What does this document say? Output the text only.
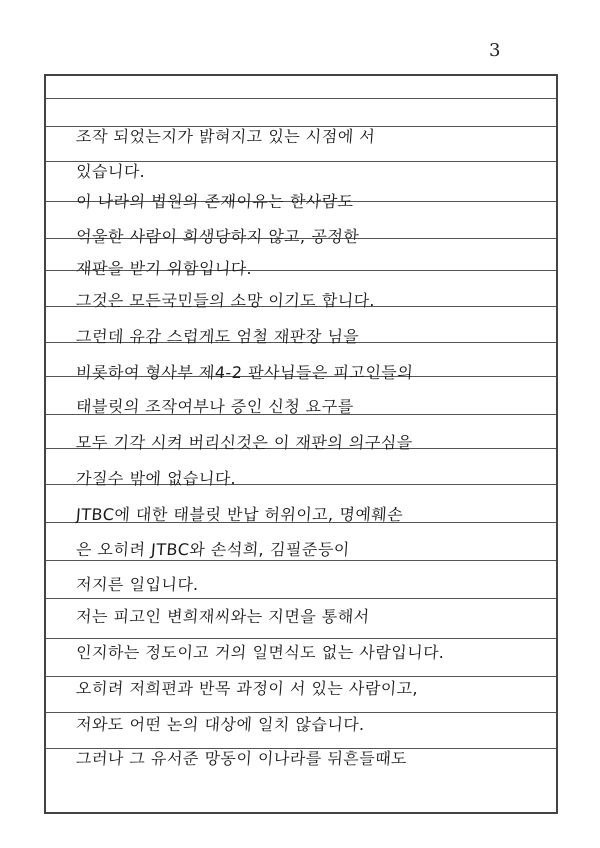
3
조작 되었는지가 밝혀지고 있는 시점에 서
있습니다.
이 나라의 법원의 존재이유는 한사람도
억울한 사람이 희생당하지 않고, 공정한
재판을 받기 위함입니다.
그것은 모든국민들의 소망 이기도 합니다.
그런데 유감 스럽게도 엄철 재판장 님을
비롯하여 형사부 제4-2 판사님들은 피고인들의
태블릿의 조작여부나 증인 신청 요구를
모두 기각 시켜 버리신것은 이 재판의 의구심을
가질수 밖에 없습니다.
JTBC에 대한 태블릿 반납 허위이고, 명예훼손
은 오히려 JTBC와 손석희, 김필준등이
저지른 일입니다.
저는 피고인 변희재씨와는 지면을 통해서
인지하는 정도이고 거의 일면식도 없는 사람입니다.
오히려 저희편과 반목 과정이 서 있는 사람이고,
저와도 어떤 논의 대상에 일치 않습니다.
그러나 그 유서준 망동이 이나라를 뒤흔들때도
